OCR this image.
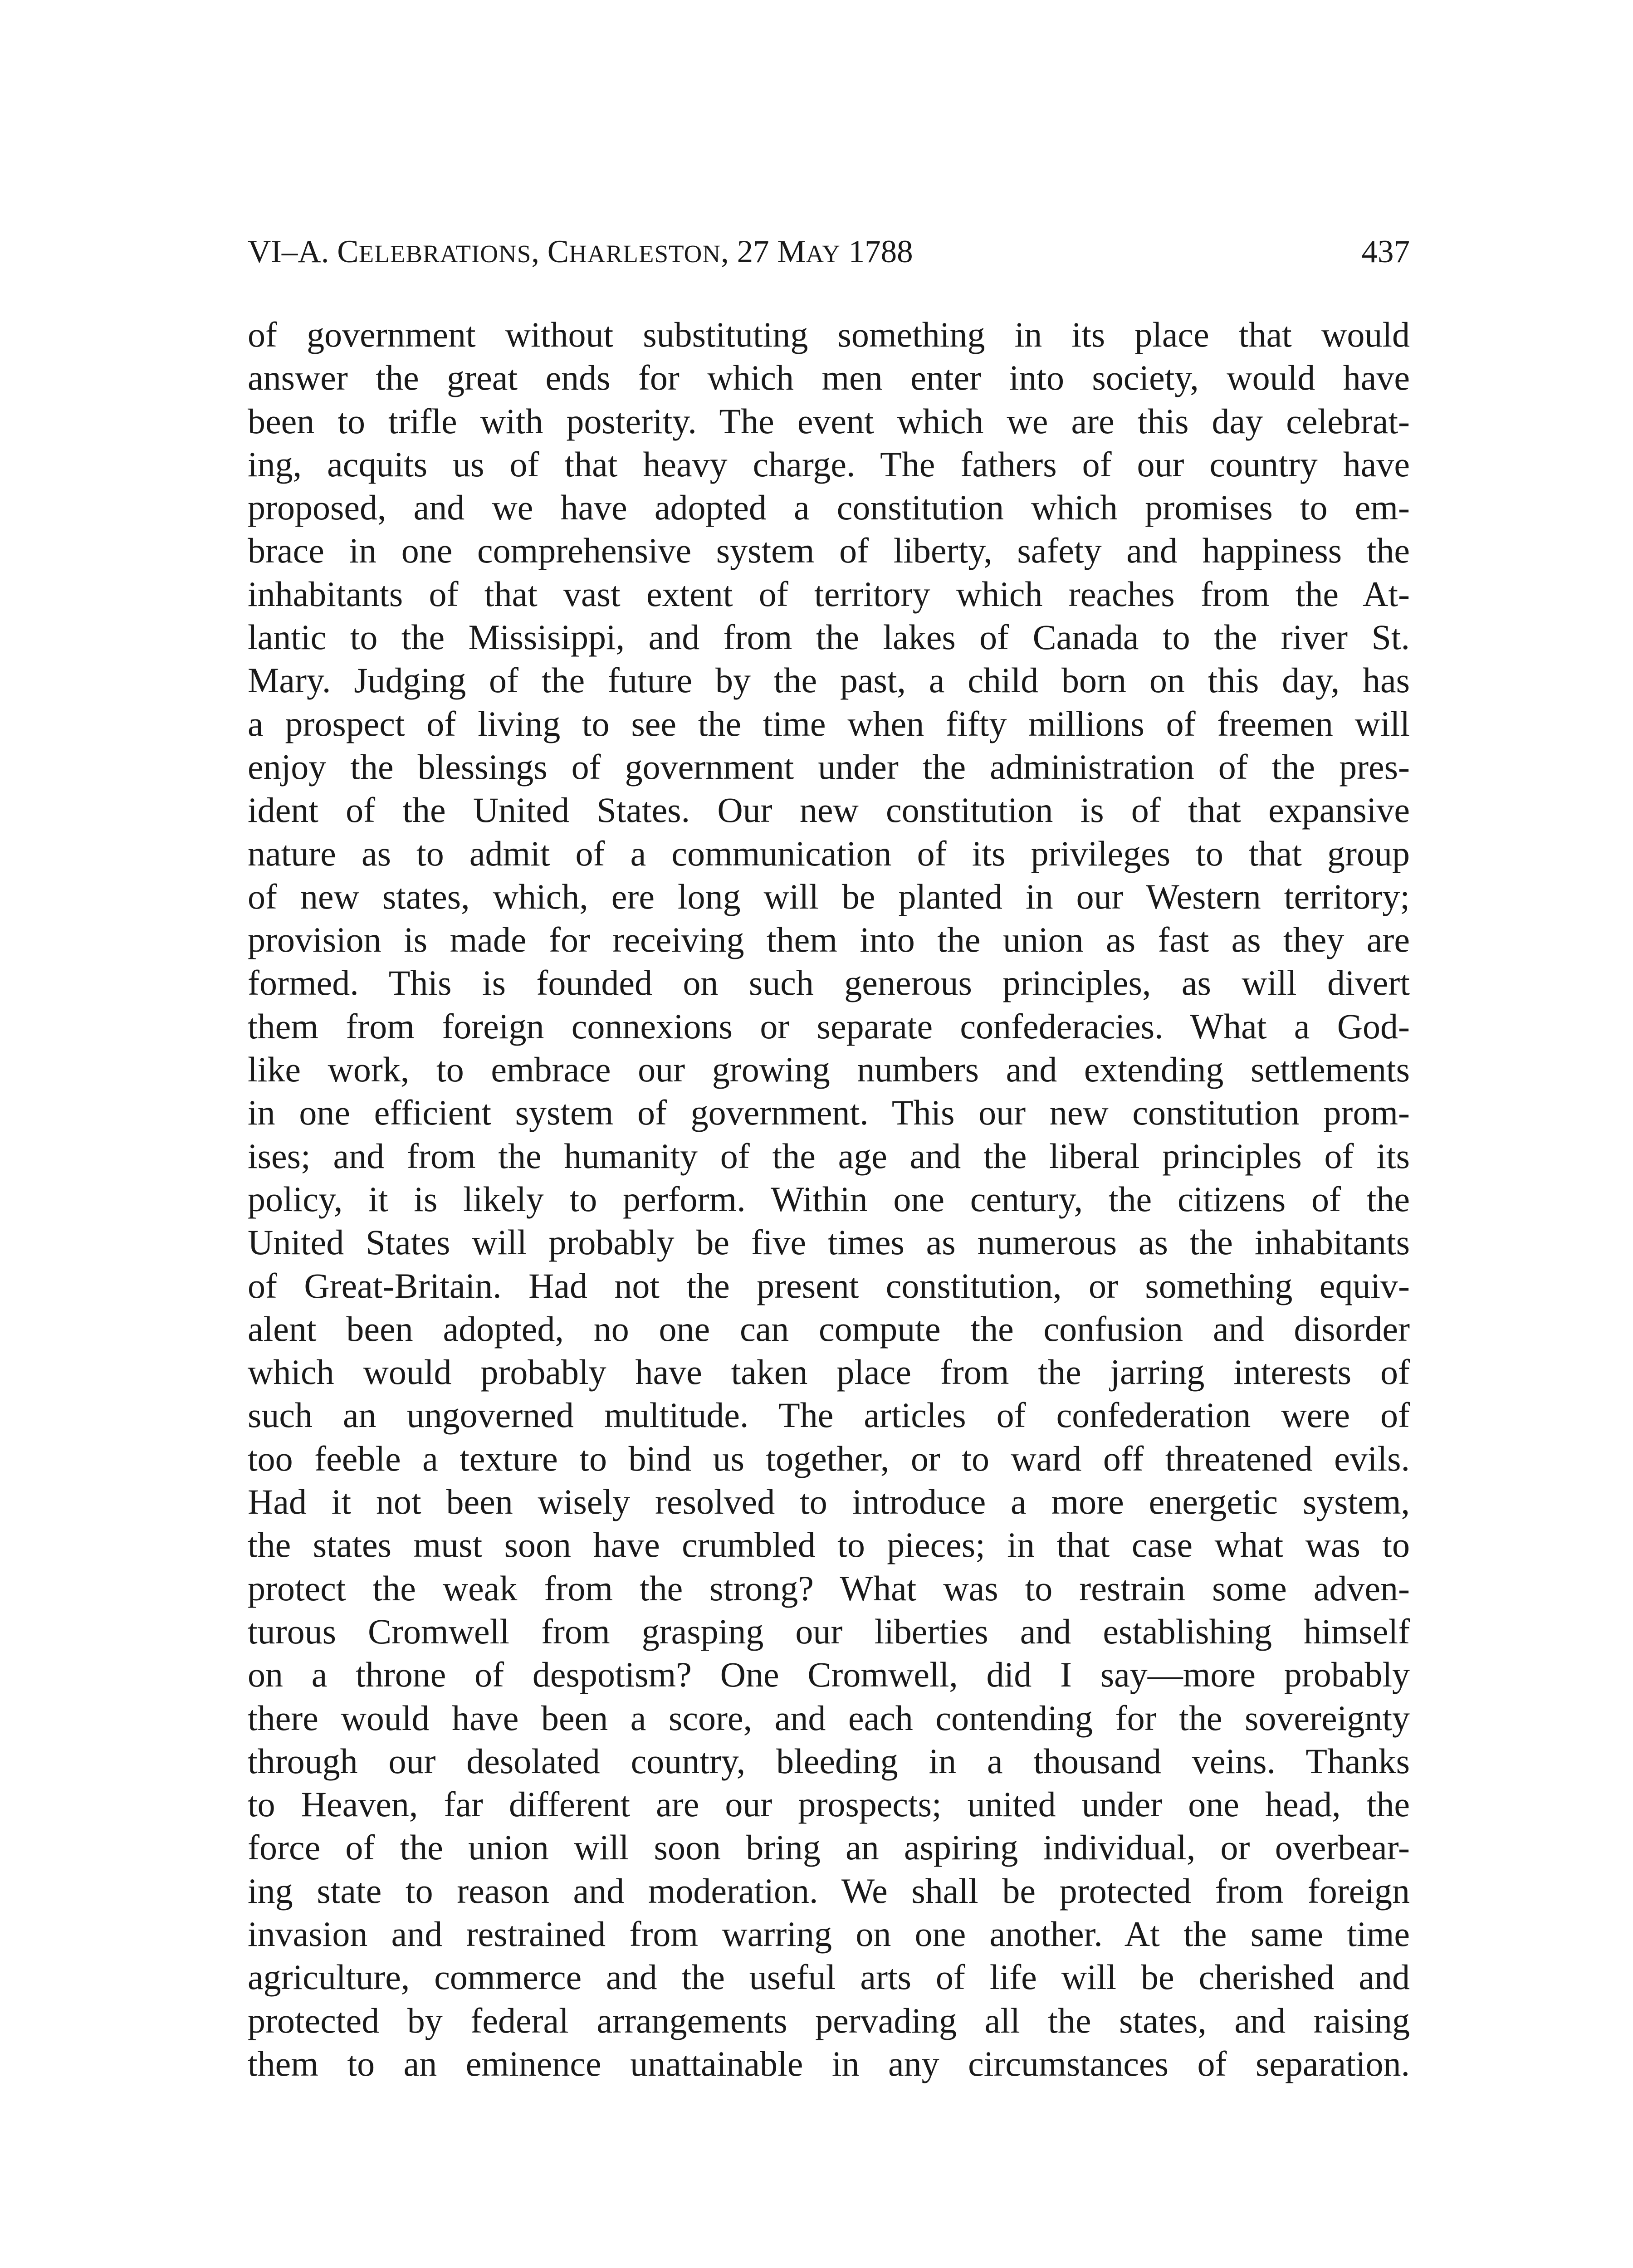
VI–A. CELEBRATIONS, CHARLESTON, 27 MAY 1788	437
of government without substituting something in its place that would
answer the great ends for which men enter into society, would have
been to trifle with posterity. The event which we are this day celebrat-
ing, acquits us of that heavy charge. The fathers of our country have
proposed, and we have adopted a constitution which promises to em-
brace in one comprehensive system of liberty, safety and happiness the
inhabitants of that vast extent of territory which reaches from the At-
lantic to the Missisippi, and from the lakes of Canada to the river St.
Mary. Judging of the future by the past, a child born on this day, has
a prospect of living to see the time when fifty millions of freemen will
enjoy the blessings of government under the administration of the pres-
ident of the United States. Our new constitution is of that expansive
nature as to admit of a communication of its privileges to that group
of new states, which, ere long will be planted in our Western territory;
provision is made for receiving them into the union as fast as they are
formed. This is founded on such generous principles, as will divert
them from foreign connexions or separate confederacies. What a God-
like work, to embrace our growing numbers and extending settlements
in one efficient system of government. This our new constitution prom-
ises; and from the humanity of the age and the liberal principles of its
policy, it is likely to perform. Within one century, the citizens of the
United States will probably be five times as numerous as the inhabitants
of Great-Britain. Had not the present constitution, or something equiv-
alent been adopted, no one can compute the confusion and disorder
which would probably have taken place from the jarring interests of
such an ungoverned multitude. The articles of confederation were of
too feeble a texture to bind us together, or to ward off threatened evils.
Had it not been wisely resolved to introduce a more energetic system,
the states must soon have crumbled to pieces; in that case what was to
protect the weak from the strong? What was to restrain some adven-
turous Cromwell from grasping our liberties and establishing himself
on a throne of despotism? One Cromwell, did I say—more probably
there would have been a score, and each contending for the sovereignty
through our desolated country, bleeding in a thousand veins. Thanks
to Heaven, far different are our prospects; united under one head, the
force of the union will soon bring an aspiring individual, or overbear-
ing state to reason and moderation. We shall be protected from foreign
invasion and restrained from warring on one another. At the same time
agriculture, commerce and the useful arts of life will be cherished and
protected by federal arrangements pervading all the states, and raising
them to an eminence unattainable in any circumstances of separation.
